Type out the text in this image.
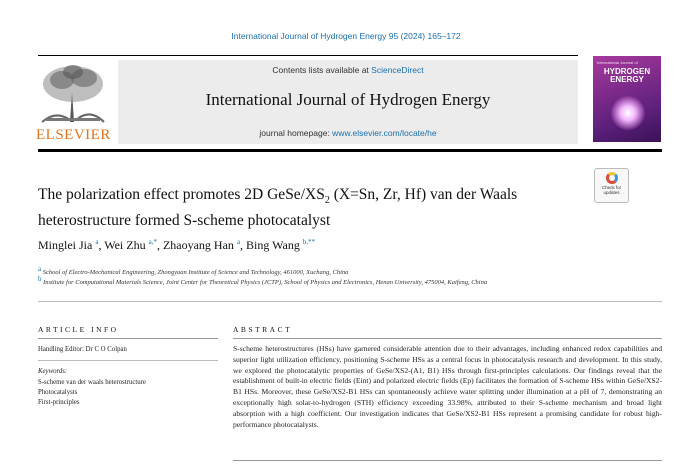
International Journal of Hydrogen Energy 95 (2024) 165–172
ELSEVIER
Contents lists available at ScienceDirect
International Journal of Hydrogen Energy
journal homepage: www.elsevier.com/locate/he
International Journal of
HYDROGEN
ENERGY
The polarization effect promotes 2D GeSe/$XS_2$ (X=Sn, Zr, Hf) van der Waals heterostructure formed S-scheme photocatalyst
Check for
updates
Minglei Jia $^a$, Wei Zhu $^{a,*}$, Zhaoyang Han $^a$, Bing Wang $^{b,**}$
$^a$ School of Electro-Mechanical Engineering, Zhongyuan Institute of Science and Technology, 461000, Xuchang, China
$^b$ Institute for Computational Materials Science, Joint Center for Theoretical Physics (JCTP), School of Physics and Electronics, Henan University, 475004, Kaifeng, China
ARTICLE INFO	ABSTRACT
Handling Editor: Dr C O Colpan
Keywords:
S-scheme van der waals heterostructure
Photocatalysts
First-principles
S-scheme heterostructures (HSs) have garnered considerable attention due to their advantages, including enhanced redox capabilities and superior light utilization efficiency, positioning S-scheme HSs as a central focus in photocatalysis research and development. In this study, we explored the photocatalytic properties of GeSe/XS2-(A1, B1) HSs through first-principles calculations. Our findings reveal that the establishment of built-in electric fields (Eint) and polarized electric fields (Ep) facilitates the formation of S-scheme HSs within GeSe/XS2-B1 HSs. Moreover, these GeSe/XS2-B1 HSs can spontaneously achieve water splitting under illumination at a pH of 7, demonstrating an exceptionally high solar-to-hydrogen (STH) efficiency exceeding 33.98%, attributed to their S-scheme mechanism and broad light absorption with a high coefficient. Our investigation indicates that GeSe/XS2-B1 HSs represent a promising candidate for robust high-performance photocatalysts.
